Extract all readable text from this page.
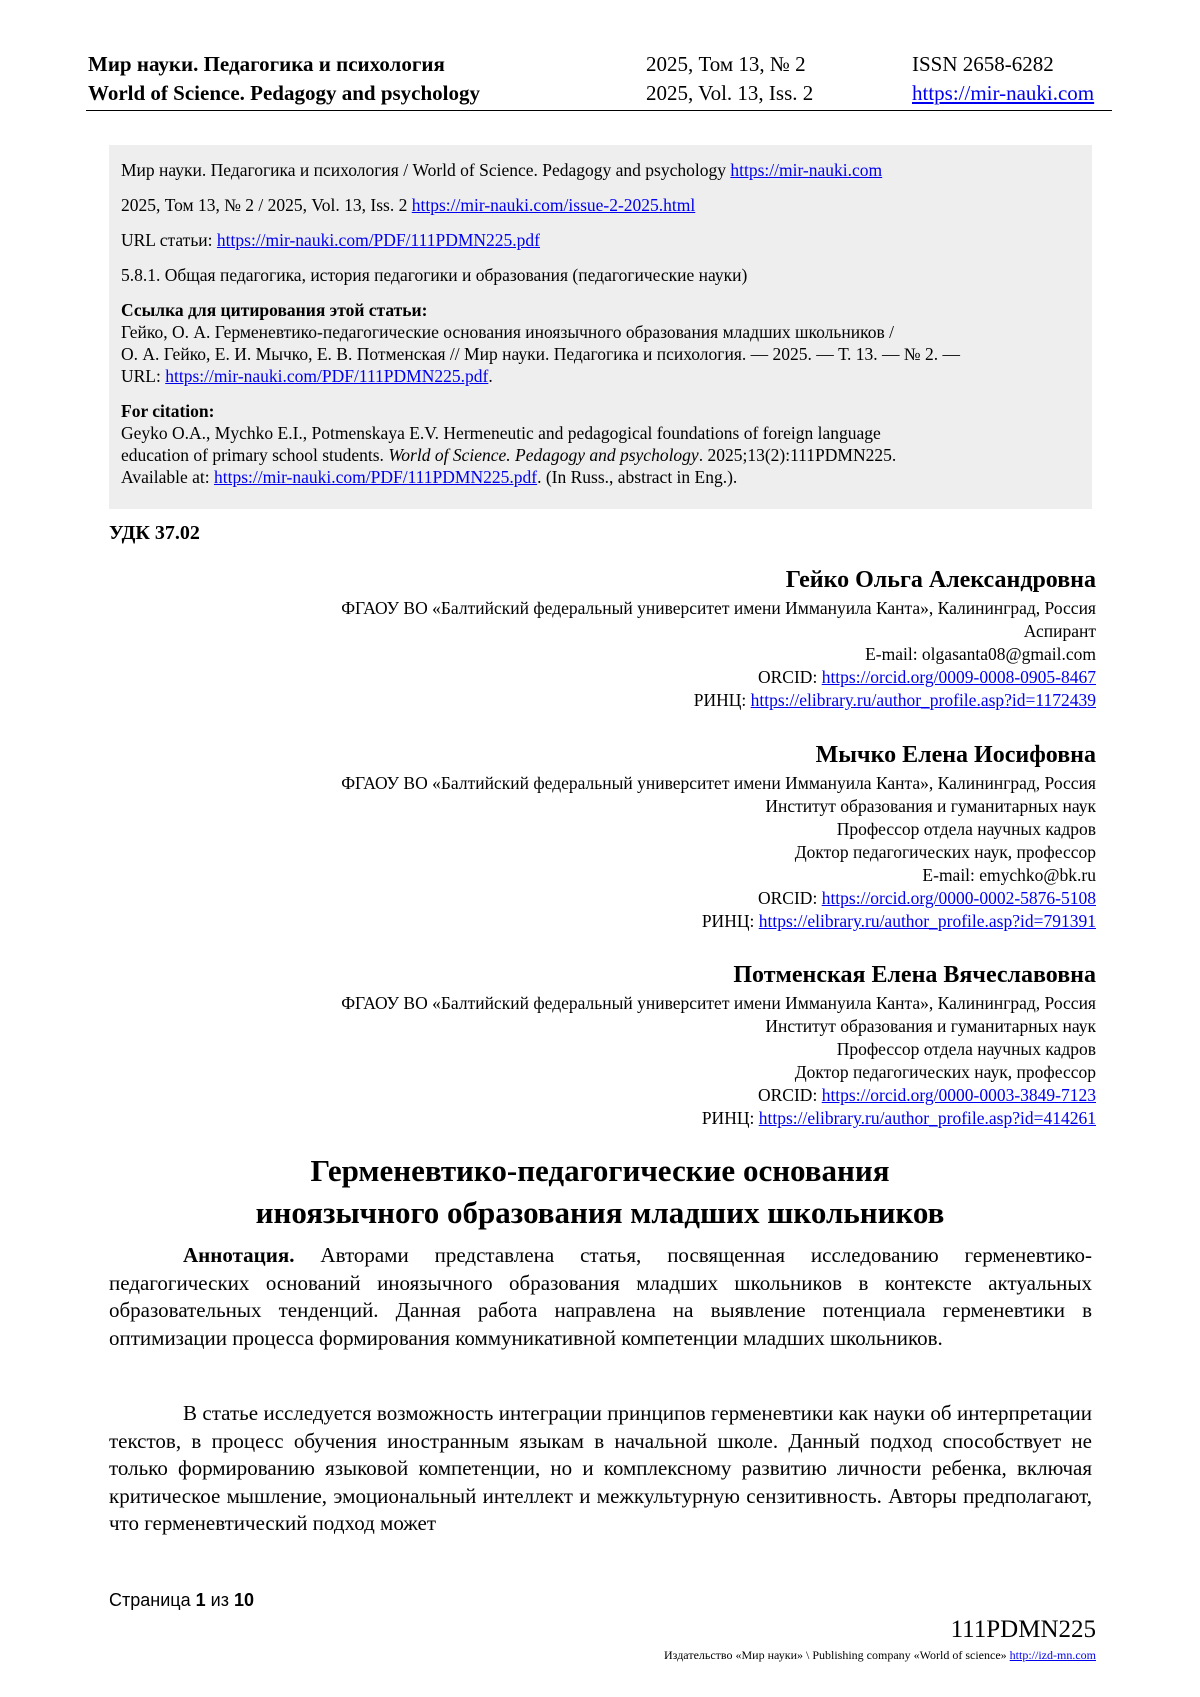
Мир науки. Педагогика и психология
World of Science. Pedagogy and psychology
2025, Том 13, № 2
2025, Vol. 13, Iss. 2
ISSN 2658-6282
https://mir-nauki.com

Мир науки. Педагогика и психология / World of Science. Pedagogy and psychology https://mir-nauki.com

2025, Том 13, № 2 / 2025, Vol. 13, Iss. 2 https://mir-nauki.com/issue-2-2025.html

URL статьи: https://mir-nauki.com/PDF/111PDMN225.pdf

5.8.1. Общая педагогика, история педагогики и образования (педагогические науки)

Ссылка для цитирования этой статьи:
Гейко, О. А. Герменевтико-педагогические основания иноязычного образования младших школьников /
О. А. Гейко, Е. И. Мычко, Е. В. Потменская // Мир науки. Педагогика и психология. — 2025. — Т. 13. — № 2. —
URL: https://mir-nauki.com/PDF/111PDMN225.pdf.
For citation:
Geyko O.A., Mychko E.I., Potmenskaya E.V. Hermeneutic and pedagogical foundations of foreign language
education of primary school students. World of Science. Pedagogy and psychology. 2025;13(2):111PDMN225.
Available at: https://mir-nauki.com/PDF/111PDMN225.pdf. (In Russ., abstract in Eng.).
УДК 37.02
Гейко Ольга Александровна
ФГАОУ ВО «Балтийский федеральный университет имени Иммануила Канта», Калининград, Россия
Аспирант
E-mail: olgasanta08@gmail.com
ORCID: https://orcid.org/0009-0008-0905-8467
РИНЦ: https://elibrary.ru/author_profile.asp?id=1172439
Мычко Елена Иосифовна
ФГАОУ ВО «Балтийский федеральный университет имени Иммануила Канта», Калининград, Россия
Институт образования и гуманитарных наук
Профессор отдела научных кадров
Доктор педагогических наук, профессор
E-mail: emychko@bk.ru
ORCID: https://orcid.org/0000-0002-5876-5108
РИНЦ: https://elibrary.ru/author_profile.asp?id=791391
Потменская Елена Вячеславовна
ФГАОУ ВО «Балтийский федеральный университет имени Иммануила Канта», Калининград, Россия
Институт образования и гуманитарных наук
Профессор отдела научных кадров
Доктор педагогических наук, профессор
ORCID: https://orcid.org/0000-0003-3849-7123
РИНЦ: https://elibrary.ru/author_profile.asp?id=414261
Герменевтико-педагогические основания
иноязычного образования младших школьников
Аннотация. Авторами представлена статья, посвященная исследованию герменевтико-педагогических оснований иноязычного образования младших школьников в контексте актуальных образовательных тенденций. Данная работа направлена на выявление потенциала герменевтики в оптимизации процесса формирования коммуникативной компетенции младших школьников.
В статье исследуется возможность интеграции принципов герменевтики как науки об интерпретации текстов, в процесс обучения иностранным языкам в начальной школе. Данный подход способствует не только формированию языковой компетенции, но и комплексному развитию личности ребенка, включая критическое мышление, эмоциональный интеллект и межкультурную сензитивность. Авторы предполагают, что герменевтический подход может
Страница 1 из 10
111PDMN225
Издательство «Мир науки» \ Publishing company «World of science» http://izd-mn.com
